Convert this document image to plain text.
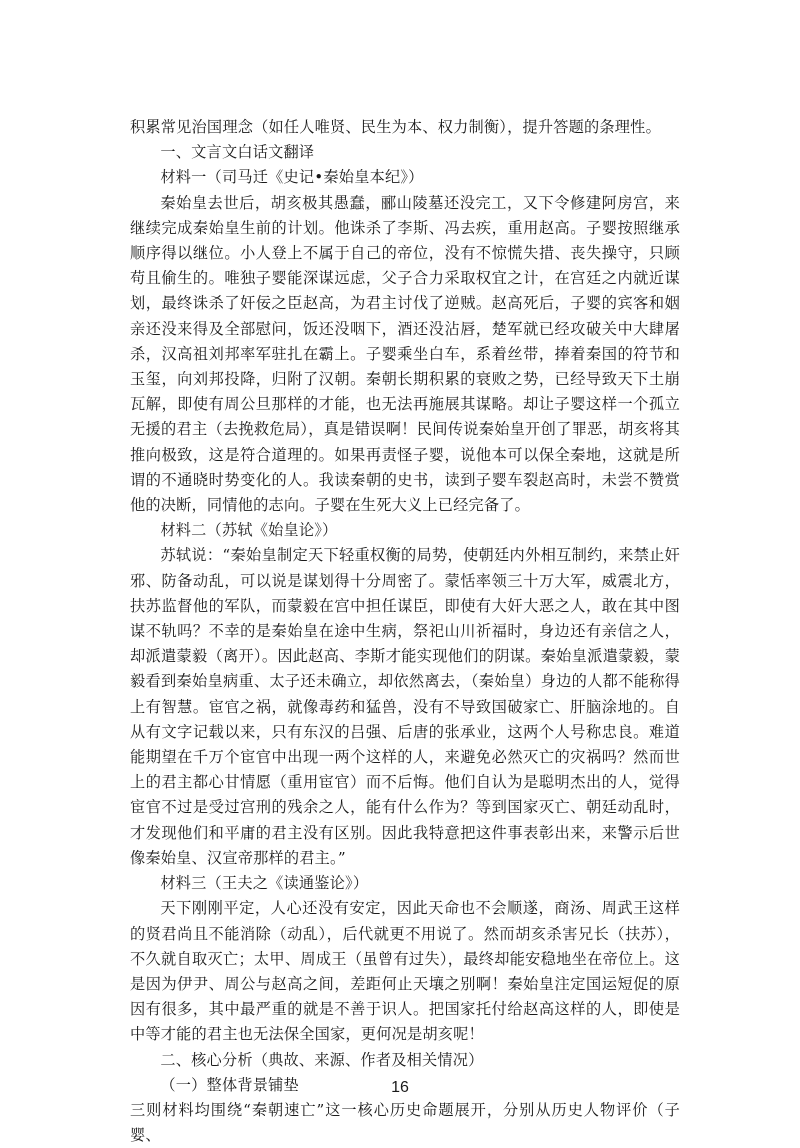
积累常见治国理念（如任人唯贤、民生为本、权力制衡），提升答题的条理性。

一、文言文白话文翻译

材料一（司马迁《史记•秦始皇本纪》）

秦始皇去世后，胡亥极其愚蠢，郦山陵墓还没完工，又下令修建阿房宫，来继续完成秦始皇生前的计划。他诛杀了李斯、冯去疾，重用赵高。子婴按照继承顺序得以继位。小人登上不属于自己的帝位，没有不惊慌失措、丧失操守，只顾苟且偷生的。唯独子婴能深谋远虑，父子合力采取权宜之计，在宫廷之内就近谋划，最终诛杀了奸佞之臣赵高，为君主讨伐了逆贼。赵高死后，子婴的宾客和姻亲还没来得及全部慰问，饭还没咽下，酒还没沾唇，楚军就已经攻破关中大肆屠杀，汉高祖刘邦率军驻扎在霸上。子婴乘坐白车，系着丝带，捧着秦国的符节和玉玺，向刘邦投降，归附了汉朝。秦朝长期积累的衰败之势，已经导致天下土崩瓦解，即使有周公旦那样的才能，也无法再施展其谋略。却让子婴这样一个孤立无援的君主（去挽救危局），真是错误啊！民间传说秦始皇开创了罪恶，胡亥将其推向极致，这是符合道理的。如果再责怪子婴，说他本可以保全秦地，这就是所谓的不通晓时势变化的人。我读秦朝的史书，读到子婴车裂赵高时，未尝不赞赏他的决断，同情他的志向。子婴在生死大义上已经完备了。

材料二（苏轼《始皇论》）

苏轼说：“秦始皇制定天下轻重权衡的局势，使朝廷内外相互制约，来禁止奸邪、防备动乱，可以说是谋划得十分周密了。蒙恬率领三十万大军，威震北方，扶苏监督他的军队，而蒙毅在宫中担任谋臣，即使有大奸大恶之人，敢在其中图谋不轨吗？不幸的是秦始皇在途中生病，祭祀山川祈福时，身边还有亲信之人，却派遣蒙毅（离开）。因此赵高、李斯才能实现他们的阴谋。秦始皇派遣蒙毅，蒙毅看到秦始皇病重、太子还未确立，却依然离去，（秦始皇）身边的人都不能称得上有智慧。宦官之祸，就像毒药和猛兽，没有不导致国破家亡、肝脑涂地的。自从有文字记载以来，只有东汉的吕强、后唐的张承业，这两个人号称忠良。难道能期望在千万个宦官中出现一两个这样的人，来避免必然灭亡的灾祸吗？然而世上的君主都心甘情愿（重用宦官）而不后悔。他们自认为是聪明杰出的人，觉得宦官不过是受过宫刑的残余之人，能有什么作为？等到国家灭亡、朝廷动乱时，才发现他们和平庸的君主没有区别。因此我特意把这件事表彰出来，来警示后世像秦始皇、汉宣帝那样的君主。”

材料三（王夫之《读通鉴论》）

天下刚刚平定，人心还没有安定，因此天命也不会顺遂，商汤、周武王这样的贤君尚且不能消除（动乱），后代就更不用说了。然而胡亥杀害兄长（扶苏），不久就自取灭亡；太甲、周成王（虽曾有过失），最终却能安稳地坐在帝位上。这是因为伊尹、周公与赵高之间，差距何止天壤之别啊！秦始皇注定国运短促的原因有很多，其中最严重的就是不善于识人。把国家托付给赵高这样的人，即使是中等才能的君主也无法保全国家，更何况是胡亥呢！

二、核心分析（典故、来源、作者及相关情况）

（一）整体背景铺垫

三则材料均围绕“秦朝速亡”这一核心历史命题展开，分别从历史人物评价（子婴、

16
